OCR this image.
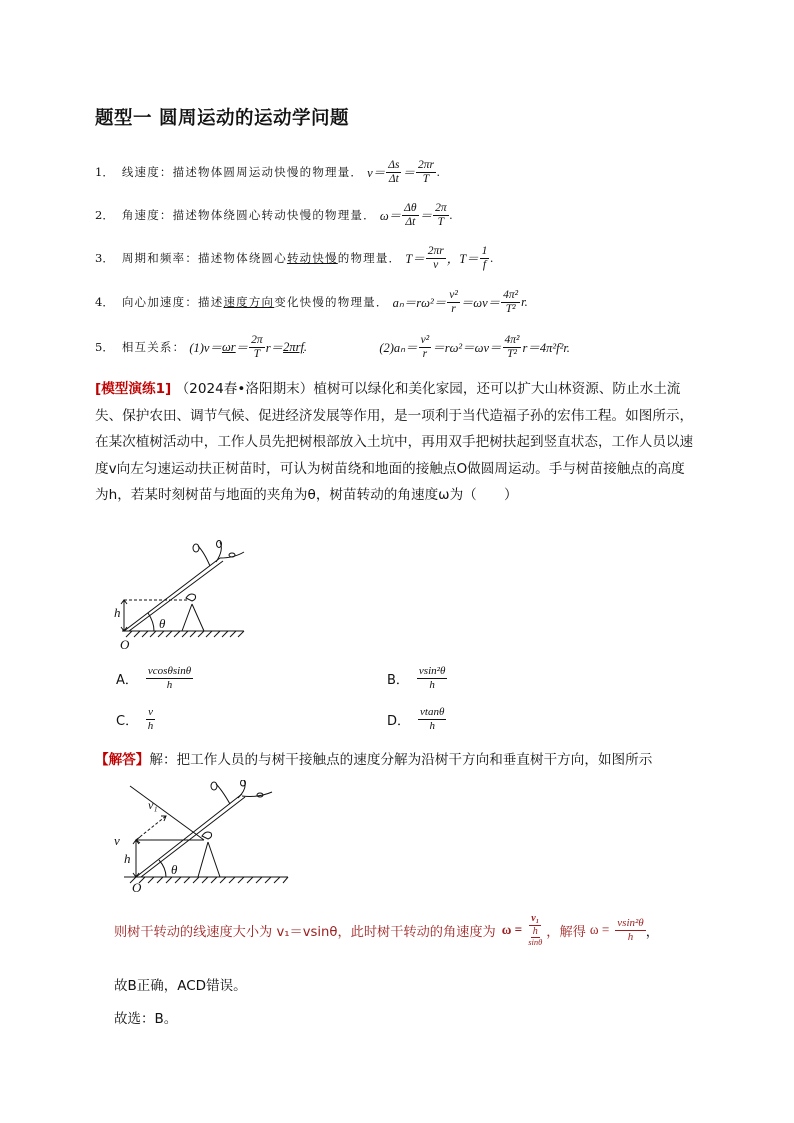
题型一 圆周运动的运动学问题
1． 线速度：描述物体圆周运动快慢的物理量． $v= \frac{\Delta s}{\Delta t} = \frac{2\pi r}{T}$ .
2． 角速度：描述物体绕圆心转动快慢的物理量． $\omega= \frac{\Delta\theta}{\Delta t} = \frac{2\pi}{T}$ .
3． 周期和频率：描述物体绕圆心转动快慢的物理量． $T= \frac{2\pi r}{v}$ ，$T= \frac{1}{f}$ .
4． 向心加速度：描述速度方向变化快慢的物理量． $a_n=r\omega^2= \frac{\text{v²}}{r} =\omega v= \frac{\text{4π²}}{\text{T²}} r$.
5． 相互关系： $(1)v= \omega r = \frac{2\pi}{T} r= 2\pi rf$ .	$(2)a_n= \frac{\text{v²}}{r} =r\omega^2=\omega v= \frac{\text{4π²}}{\text{T²}} r=4\pi^2f^2r$.
[模型演练1] （2024春•洛阳期末）植树可以绿化和美化家园，还可以扩大山林资源、防止水土流失、保护农田、调节气候、促进经济发展等作用，是一项利于当代造福子孙的宏伟工程。如图所示，在某次植树活动中，工作人员先把树根部放入土坑中，再用双手把树扶起到竖直状态，工作人员以速度v向左匀速运动扶正树苗时，可认为树苗绕和地面的接触点O做圆周运动。手与树苗接触点的高度为h，若某时刻树苗与地面的夹角为θ，树苗转动的角速度ω为（　　）
h
θ
O
A． $\frac{vcos\theta\sin\theta}{h}$	B． $\frac{\text{vsin²θ}}{h}$
C． $\frac{v}{h}$	D． $\frac{vtan\theta}{h}$
【解答】解：把工作人员的与树干接触点的速度分解为沿树干方向和垂直树干方向，如图所示
v₁
v
h
θ
O
则树干转动的线速度大小为 v₁＝vsinθ，此时树干转动的角速度为 ω =
v₁
h
sinθ
，解得 $\omega = \frac{\text{vsin²θ}}{h}$ ，
故B正确，ACD错误。
故选：B。
